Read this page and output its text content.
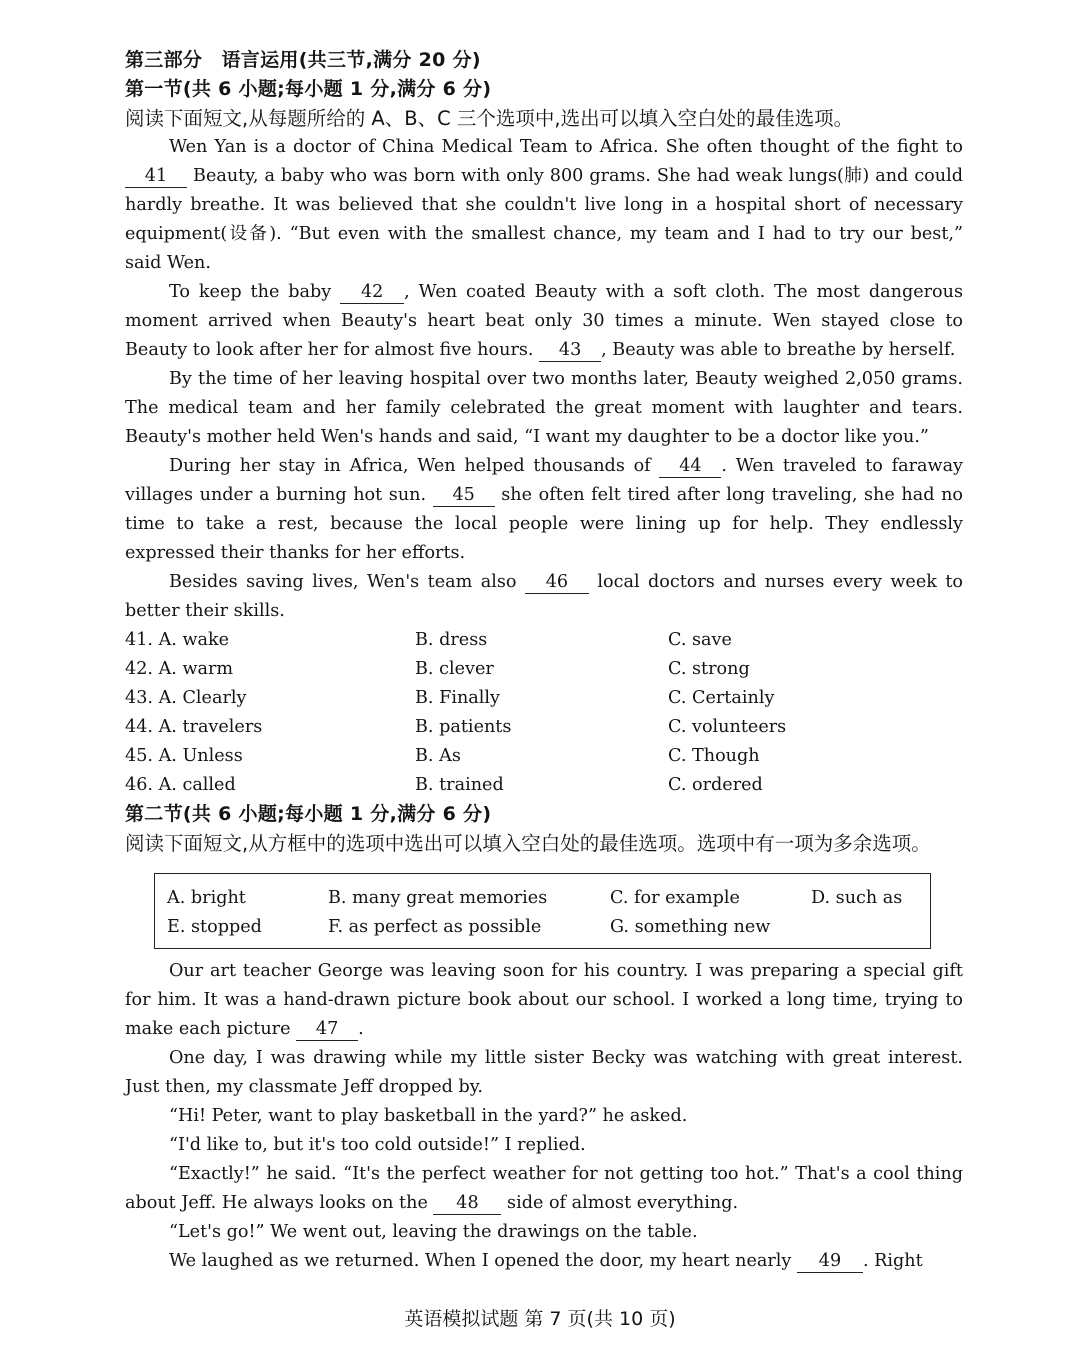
第三部分　语言运用(共三节,满分 20 分)
第一节(共 6 小题;每小题 1 分,满分 6 分)
阅读下面短文,从每题所给的 A、B、C 三个选项中,选出可以填入空白处的最佳选项。

Wen Yan is a doctor of China Medical Team to Africa. She often thought of the fight to 41 Beauty, a baby who was born with only 800 grams. She had weak lungs(肺) and could hardly breathe. It was believed that she couldn't live long in a hospital short of necessary equipment(设备). “But even with the smallest chance, my team and I had to try our best,” said Wen.

To keep the baby 42 , Wen coated Beauty with a soft cloth. The most dangerous moment arrived when Beauty's heart beat only 30 times a minute. Wen stayed close to Beauty to look after her for almost five hours. 43 , Beauty was able to breathe by herself.

By the time of her leaving hospital over two months later, Beauty weighed 2,050 grams. The medical team and her family celebrated the great moment with laughter and tears. Beauty's mother held Wen's hands and said, “I want my daughter to be a doctor like you.”

During her stay in Africa, Wen helped thousands of 44 . Wen traveled to faraway villages under a burning hot sun. 45 she often felt tired after long traveling, she had no time to take a rest, because the local people were lining up for help. They endlessly expressed their thanks for her efforts.

Besides saving lives, Wen's team also 46 local doctors and nurses every week to better their skills.

41. A. wake	B. dress	C. save
42. A. warm	B. clever	C. strong
43. A. Clearly	B. Finally	C. Certainly
44. A. travelers	B. patients	C. volunteers
45. A. Unless	B. As	C. Though
46. A. called	B. trained	C. ordered
第二节(共 6 小题;每小题 1 分,满分 6 分)
阅读下面短文,从方框中的选项中选出可以填入空白处的最佳选项。选项中有一项为多余选项。
A. bright	B. many great memories	C. for example	D. such as
E. stopped	F. as perfect as possible	G. something new

Our art teacher George was leaving soon for his country. I was preparing a special gift for him. It was a hand-drawn picture book about our school. I worked a long time, trying to make each picture 47 .

One day, I was drawing while my little sister Becky was watching with great interest. Just then, my classmate Jeff dropped by.

“Hi! Peter, want to play basketball in the yard?” he asked.

“I'd like to, but it's too cold outside!” I replied.

“Exactly!” he said. “It's the perfect weather for not getting too hot.” That's a cool thing about Jeff. He always looks on the 48 side of almost everything.

“Let's go!” We went out, leaving the drawings on the table.

We laughed as we returned. When I opened the door, my heart nearly 49 . Right

英语模拟试题 第 7 页(共 10 页)
